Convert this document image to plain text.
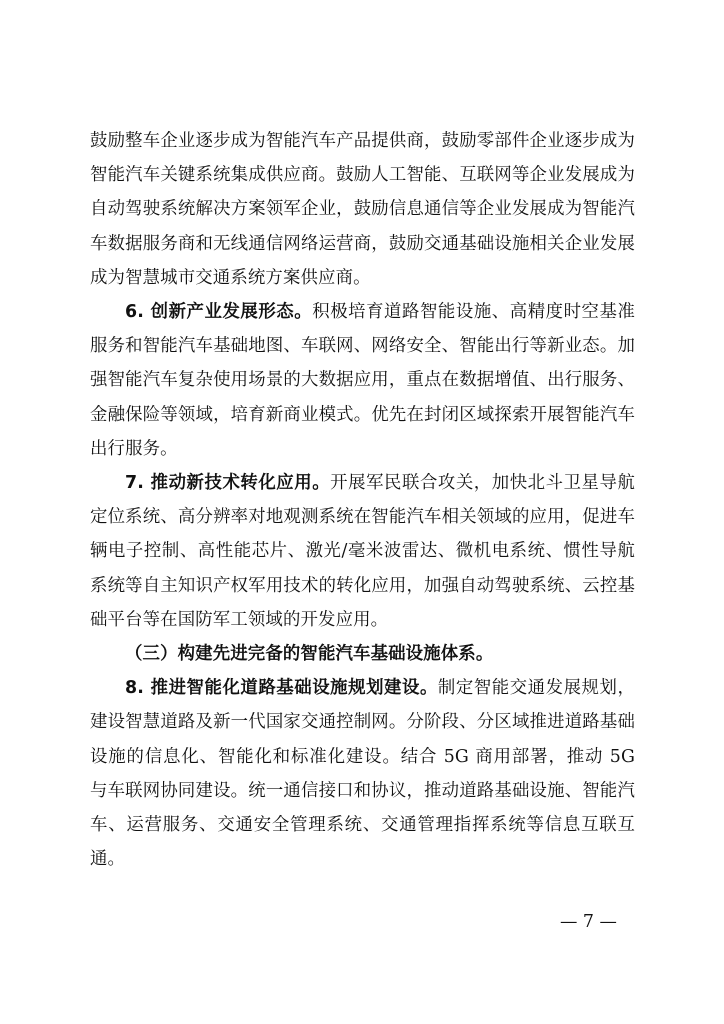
鼓励整车企业逐步成为智能汽车产品提供商，鼓励零部件企业逐步成为智能汽车关键系统集成供应商。鼓励人工智能、互联网等企业发展成为自动驾驶系统解决方案领军企业，鼓励信息通信等企业发展成为智能汽车数据服务商和无线通信网络运营商，鼓励交通基础设施相关企业发展成为智慧城市交通系统方案供应商。

6. 创新产业发展形态。积极培育道路智能设施、高精度时空基准服务和智能汽车基础地图、车联网、网络安全、智能出行等新业态。加强智能汽车复杂使用场景的大数据应用，重点在数据增值、出行服务、金融保险等领域，培育新商业模式。优先在封闭区域探索开展智能汽车出行服务。

7. 推动新技术转化应用。开展军民联合攻关，加快北斗卫星导航定位系统、高分辨率对地观测系统在智能汽车相关领域的应用，促进车辆电子控制、高性能芯片、激光/毫米波雷达、微机电系统、惯性导航系统等自主知识产权军用技术的转化应用，加强自动驾驶系统、云控基础平台等在国防军工领域的开发应用。

（三）构建先进完备的智能汽车基础设施体系。

8. 推进智能化道路基础设施规划建设。制定智能交通发展规划，建设智慧道路及新一代国家交通控制网。分阶段、分区域推进道路基础设施的信息化、智能化和标准化建设。结合 5G 商用部署，推动 5G 与车联网协同建设。统一通信接口和协议，推动道路基础设施、智能汽车、运营服务、交通安全管理系统、交通管理指挥系统等信息互联互通。

— 7 —
